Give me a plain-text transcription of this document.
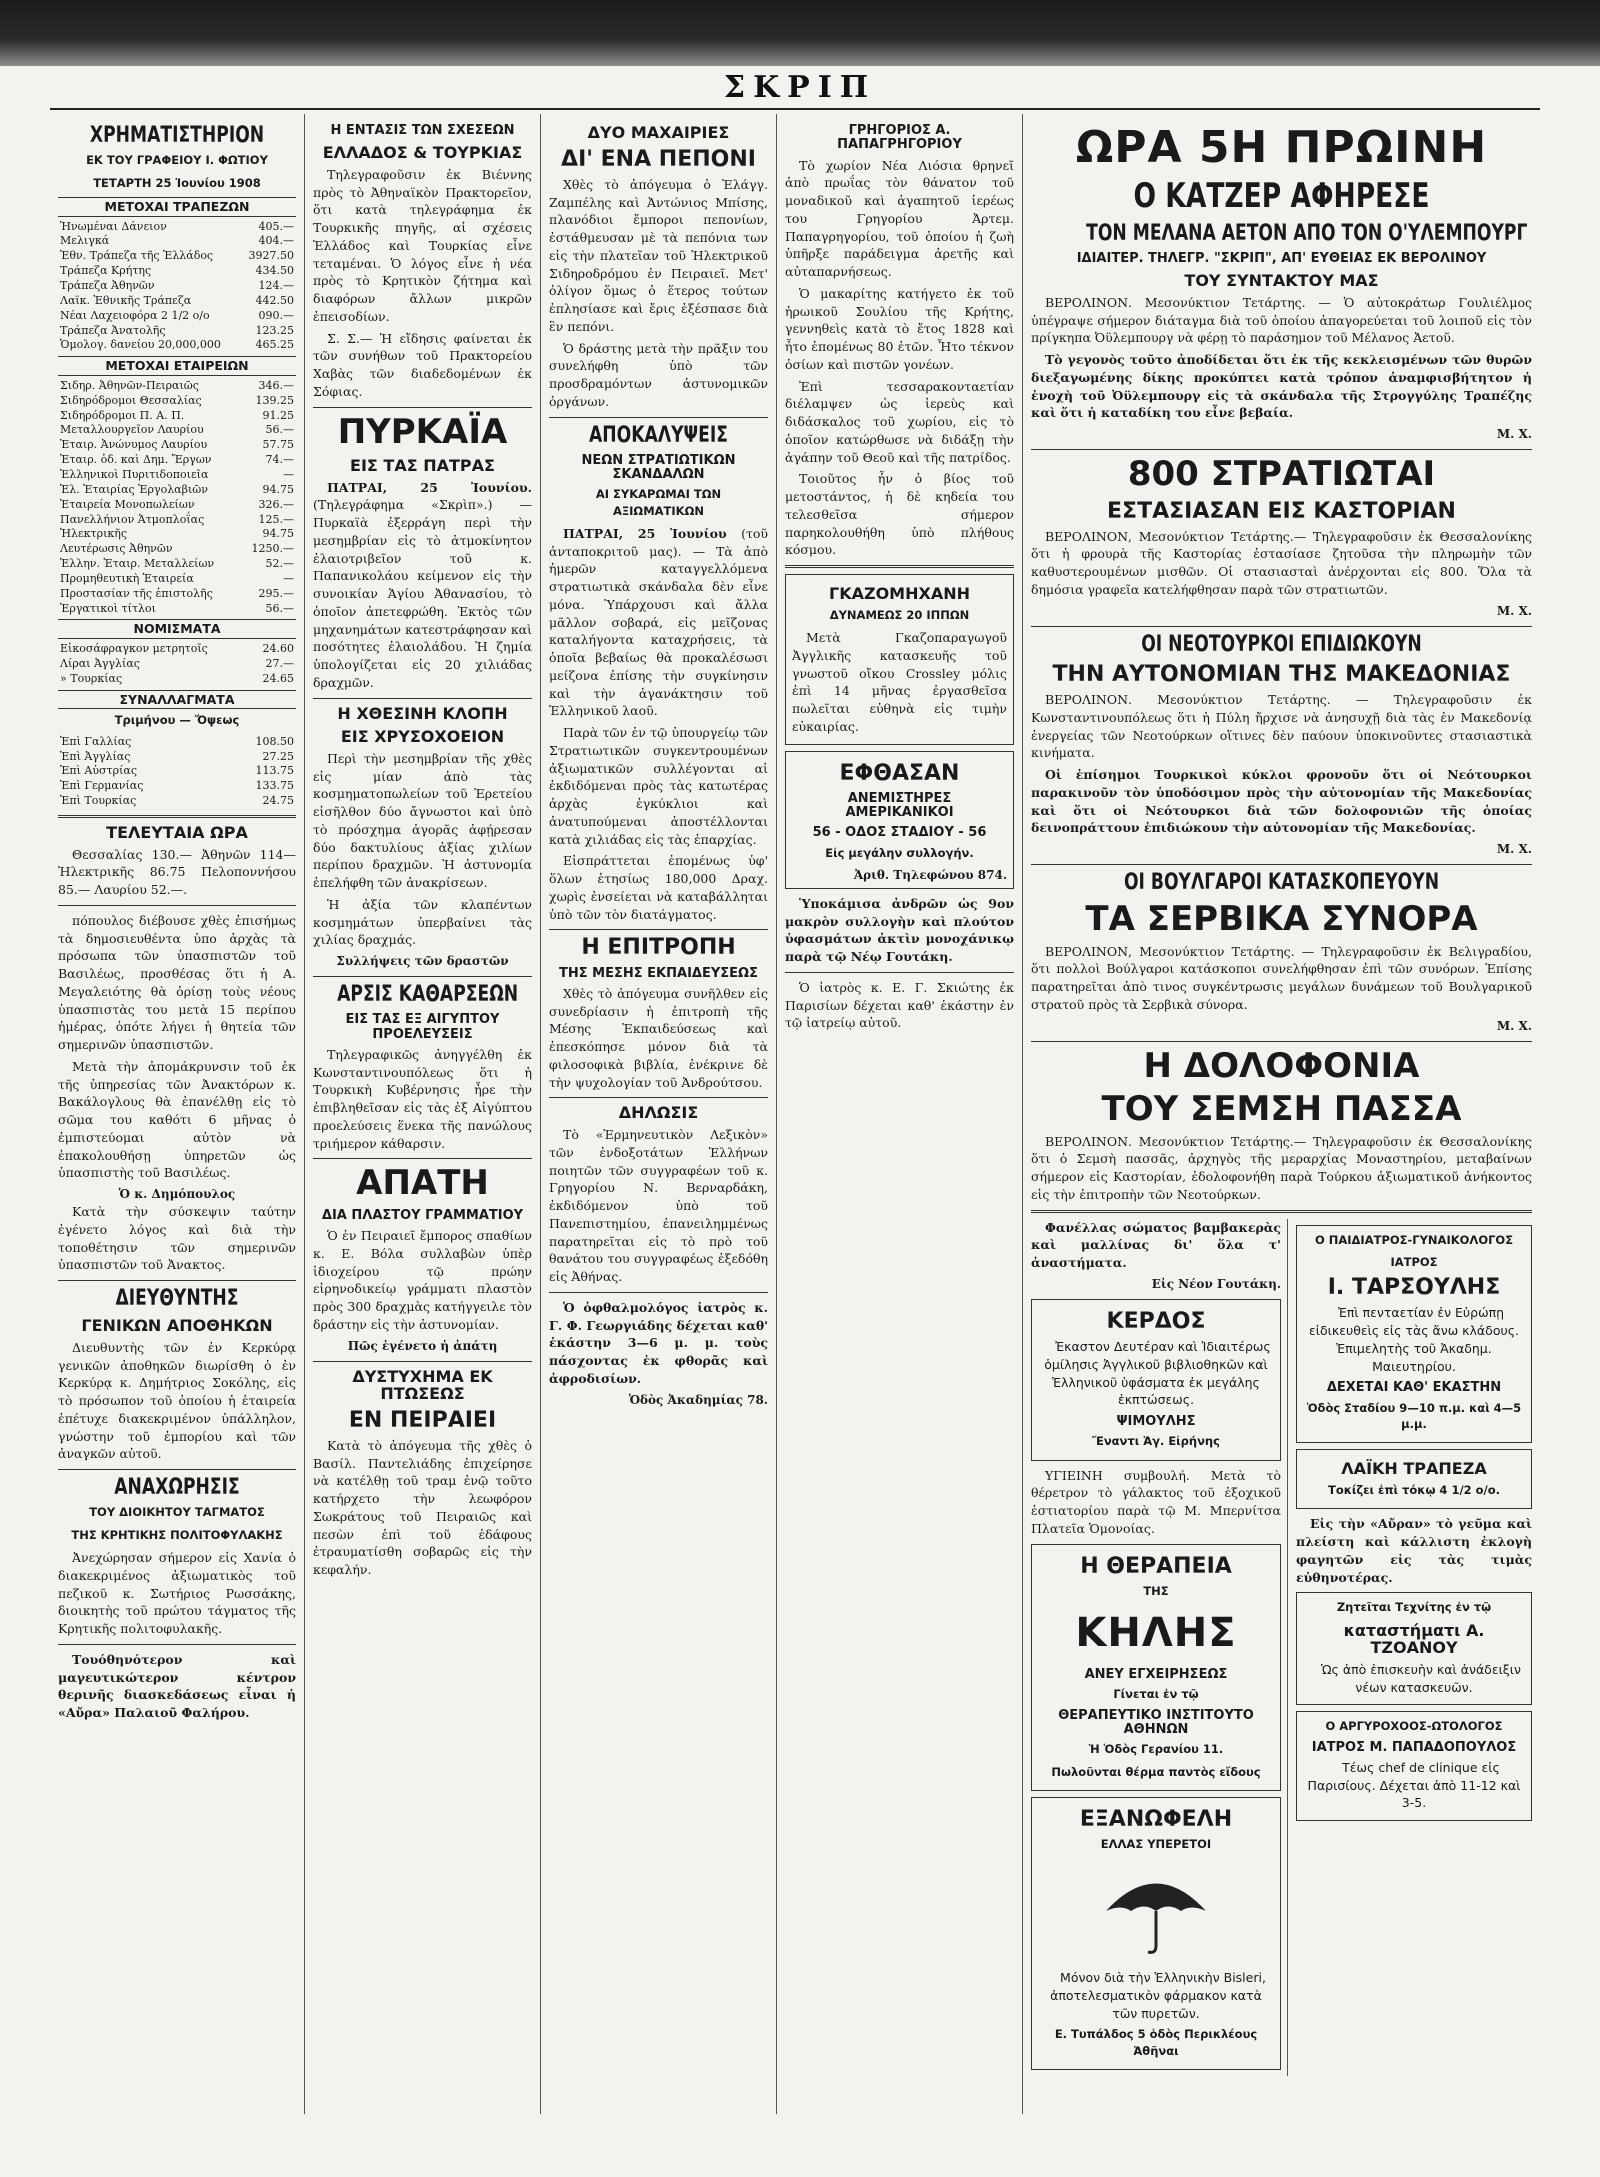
ΣΚΡΙΠ
ΧΡΗΜΑΤΙΣΤΗΡΙΟΝ
ΕΚ ΤΟΥ ΓΡΑΦΕΙΟΥ Ι. ΦΩΤΙΟΥ
ΤΕΤΑΡΤΗ 25 Ἰουνίου 1908
ΜΕΤΟΧΑΙ ΤΡΑΠΕΖΩΝ
Ἠνωμέναι Δάνειον	405.—
Μελιγκά	404.—
Ἐθν. Τράπεζα τῆς Ἑλλάδος	3927.50
Τράπεζα Κρήτης	434.50
Τράπεζα Ἀθηνῶν	124.—
Λαϊκ. Ἐθνικῆς Τράπεζα	442.50
Νέαι Λαχειοφόρα 2 1/2 ο/ο	090.—
Τράπεζα Ἀνατολῆς	123.25
Ὁμολογ. δανείου 20,000,000	465.25
ΜΕΤΟΧΑΙ ΕΤΑΙΡΕΙΩΝ
Σιδηρ. Ἀθηνῶν-Πειραιῶς	346.—
Σιδηρόδρομοι Θεσσαλίας	139.25
Σιδηρόδρομοι Π. Α. Π.	91.25
Μεταλλουργεῖον Λαυρίου	56.—
Ἐταιρ. Ἀνώνυμος Λαυρίου	57.75
Ἐταιρ. ὁδ. καὶ Δημ. Ἔργων	74.—
Ἑλληνικοὶ Πυριτιδοποιεῖα	—
Ἑλ. Ἑταιρίας Ἐργολαβιῶν	94.75
Ἑταιρεία Μονοπωλείων	326.—
Πανελλήνιον Ἀτμοπλοΐας	125.—
Ἠλεκτρικῆς	94.75
Λευτέρωσις Ἀθηνῶν	1250.—
Ἑλλην. Ἑταιρ. Μεταλλείων	52.—
Προμηθευτικὴ Ἑταιρεία	—
Προστασίαν τῆς ἐπιστολῆς	295.—
Ἐργατικοὶ τίτλοι	56.—
ΝΟΜΙΣΜΑΤΑ
Εἰκοσάφραγκον μετρητοῖς	24.60
Λίραι Ἀγγλίας	27.—
» Τουρκίας	24.65
ΣΥΝΑΛΛΑΓΜΑΤΑ
Τριμήνου — Ὄψεως
Ἐπὶ Γαλλίας	108.50
Ἐπὶ Ἀγγλίας	27.25
Ἐπὶ Αὐστρίας	113.75
Ἐπὶ Γερμανίας	133.75
Ἐπὶ Τουρκίας	24.75
ΤΕΛΕΥΤΑΙΑ ΩΡΑ

Θεσσαλίας 130.— Ἀθηνῶν 114— Ἠλεκτρικῆς 86.75 Πελοποννήσου 85.— Λαυρίου 52.—.

πόπουλος διέβουσε χθὲς ἐπισήμως τὰ δημοσιευθέντα ὑπο ἀρχὰς τὰ πρόσωπα τῶν ὑπασπιστῶν τοῦ Βασιλέως, προσθέσας ὅτι ἡ Α. Μεγαλειότης θὰ ὁρίσῃ τοὺς νέους ὑπασπιστὰς του μετὰ 15 περίπου ἡμέρας, ὁπότε λήγει ἡ θητεία τῶν σημερινῶν ὑπασπιστῶν.

Μετὰ τὴν ἀπομάκρυνσιν τοῦ ἐκ τῆς ὑπηρεσίας τῶν Ἀνακτόρων κ. Βακάλογλους θὰ ἐπανέλθῃ εἰς τὸ σῶμα του καθότι 6 μῆνας ὁ ἐμπιστεύομαι αὐτὸν νὰ ἐπακολουθήσῃ ὑπηρετῶν ὡς ὑπασπιστὴς τοῦ Βασιλέως.

Ὁ κ. Δημόπουλος

Κατὰ τὴν σύσκεψιν ταύτην ἐγένετο λόγος καὶ διὰ τὴν τοποθέτησιν τῶν σημερινῶν ὑπασπιστῶν τοῦ Ἀνακτος.

ΔΙΕΥΘΥΝΤΗΣ
ΓΕΝΙΚΩΝ ΑΠΟΘΗΚΩΝ

Διευθυντὴς τῶν ἐν Κερκύρᾳ γενικῶν ἀποθηκῶν διωρίσθη ὁ ἐν Κερκύρᾳ κ. Δημήτριος Σοκόλης, εἰς τὸ πρόσωπον τοῦ ὁποίου ἡ ἑταιρεία ἐπέτυχε διακεκριμένον ὑπάλληλον, γνώστην τοῦ ἐμπορίου καὶ τῶν ἀναγκῶν αὐτοῦ.

ΑΝΑΧΩΡΗΣΙΣ
ΤΟΥ ΔΙΟΙΚΗΤΟΥ ΤΑΓΜΑΤΟΣ
ΤΗΣ ΚΡΗΤΙΚΗΣ ΠΟΛΙΤΟΦΥΛΑΚΗΣ

Ἀνεχώρησαν σήμερον εἰς Χανία ὁ διακεκριμένος ἀξιωματικὸς τοῦ πεζικοῦ κ. Σωτήριος Ρωσσάκης, διοικητὴς τοῦ πρώτου τάγματος τῆς Κρητικῆς πολιτοφυλακῆς.

Τουόθηνότερον καὶ μαγευτικώτερον κέντρον θερινῆς διασκεδάσεως εἶναι ἡ «Αὔρα» Παλαιοῦ Φαλήρου.

Η ΕΝΤΑΣΙΣ ΤΩΝ ΣΧΕΣΕΩΝ
ΕΛΛΑΔΟΣ & ΤΟΥΡΚΙΑΣ

Τηλεγραφοῦσιν ἐκ Βιέννης πρὸς τὸ Ἀθηναϊκὸν Πρακτορεῖον, ὅτι κατὰ τηλεγράφημα ἐκ Τουρκικῆς πηγῆς, αἱ σχέσεις Ἑλλάδος καὶ Τουρκίας εἶνε τεταμέναι. Ὁ λόγος εἶνε ἡ νέα πρὸς τὸ Κρητικὸν ζήτημα καὶ διαφόρων ἄλλων μικρῶν ἐπεισοδίων.

Σ. Σ.— Ἡ εἴδησις φαίνεται ἐκ τῶν συνήθων τοῦ Πρακτορείου Χαβὰς τῶν διαδεδομένων ἐκ Σόφιας.

ΠΥΡΚΑΪΑ
ΕΙΣ ΤΑΣ ΠΑΤΡΑΣ

ΠΑΤΡΑΙ, 25 Ἰουνίου. (Τηλεγράφημα «Σκρὶπ».) — Πυρκαϊὰ ἐξερράγη περὶ τὴν μεσημβρίαν εἰς τὸ ἀτμοκίνητον ἐλαιοτριβεῖον τοῦ κ. Παπανικολάου κείμενον εἰς τὴν συνοικίαν Ἁγίου Ἀθανασίου, τὸ ὁποῖον ἀπετεφρώθη. Ἐκτὸς τῶν μηχανημάτων κατεστράφησαν καὶ ποσότητες ἐλαιολάδου. Ἡ ζημία ὑπολογίζεται εἰς 20 χιλιάδας δραχμῶν.

Η ΧΘΕΣΙΝΗ ΚΛΟΠΗ
ΕΙΣ ΧΡΥΣΟΧΟΕΙΟΝ

Περὶ τὴν μεσημβρίαν τῆς χθὲς εἰς μίαν ἀπὸ τὰς κοσμηματοπωλείων τοῦ Ἐρετείου εἰσῆλθον δύο ἄγνωστοι καὶ ὑπὸ τὸ πρόσχημα ἀγορᾶς ἀφῄρεσαν δύο δακτυλίους ἀξίας χιλίων περίπου δραχμῶν. Ἡ ἀστυνομία ἐπελήφθη τῶν ἀνακρίσεων.

Ἡ ἀξία τῶν κλαπέντων κοσμημάτων ὑπερβαίνει τὰς χιλίας δραχμάς.

Συλλήψεις τῶν δραστῶν
ΑΡΣΙΣ ΚΑΘΑΡΣΕΩΝ
ΕΙΣ ΤΑΣ ΕΞ ΑΙΓΥΠΤΟΥ ΠΡΟΕΛΕΥΣΕΙΣ

Τηλεγραφικῶς ἀνηγγέλθη ἐκ Κωνσταντινουπόλεως ὅτι ἡ Τουρκικὴ Κυβέρνησις ἦρε τὴν ἐπιβληθεῖσαν εἰς τὰς ἐξ Αἰγύπτου προελεύσεις ἕνεκα τῆς πανώλους τριήμερον κάθαρσιν.

ΑΠΑΤΗ
ΔΙΑ ΠΛΑΣΤΟΥ ΓΡΑΜΜΑΤΙΟΥ

Ὁ ἐν Πειραιεῖ ἔμπορος σπαθίων κ. Ε. Βόλα συλλαβὼν ὑπὲρ ἰδιοχείρου τῷ πρώην εἰρηνοδικείῳ γράμματι πλαστὸν πρὸς 300 δραχμὰς κατήγγειλε τὸν δράστην εἰς τὴν ἀστυνομίαν.

Πῶς ἐγένετο ἡ ἀπάτη
ΔΥΣΤΥΧΗΜΑ ΕΚ ΠΤΩΣΕΩΣ
ΕΝ ΠΕΙΡΑΙΕΙ

Κατὰ τὸ ἀπόγευμα τῆς χθὲς ὁ Βασίλ. Παντελιάδης ἐπιχείρησε νὰ κατέλθῃ τοῦ τραμ ἐνῷ τοῦτο κατήρχετο τὴν λεωφόρον Σωκράτους τοῦ Πειραιῶς καὶ πεσὼν ἐπὶ τοῦ ἐδάφους ἐτραυματίσθη σοβαρῶς εἰς τὴν κεφαλήν.

ΔΥΟ ΜΑΧΑΙΡΙΕΣ
ΔΙ' ΕΝΑ ΠΕΠΟΝΙ

Χθὲς τὸ ἀπόγευμα ὁ Ἐλάγγ. Ζαμπέλης καὶ Ἀντώνιος Μπίσης, πλανόδιοι ἔμποροι πεπονίων, ἐστάθμευσαν μὲ τὰ πεπόνια των εἰς τὴν πλατεῖαν τοῦ Ἠλεκτρικοῦ Σιδηροδρόμου ἐν Πειραιεῖ. Μετ' ὀλίγον ὅμως ὁ ἕτερος τούτων ἐπλησίασε καὶ ἔρις ἐξέσπασε διὰ ἓν πεπόνι.

Ὁ δράστης μετὰ τὴν πρᾶξιν του συνελήφθη ὑπὸ τῶν προσδραμόντων ἀστυνομικῶν ὀργάνων.

ΑΠΟΚΑΛΥΨΕΙΣ
ΝΕΩΝ ΣΤΡΑΤΙΩΤΙΚΩΝ ΣΚΑΝΔΑΛΩΝ
ΑΙ ΣΥΚΑΡΩΜΑΙ ΤΩΝ ΑΞΙΩΜΑΤΙΚΩΝ

ΠΑΤΡΑΙ, 25 Ἰουνίου (τοῦ ἀνταποκριτοῦ μας). — Τὰ ἀπὸ ἡμερῶν καταγγελλόμενα στρατιωτικὰ σκάνδαλα δὲν εἶνε μόνα. Ὑπάρχουσι καὶ ἄλλα μᾶλλον σοβαρά, εἰς μεῖζονας καταλήγοντα καταχρήσεις, τὰ ὁποῖα βεβαίως θὰ προκαλέσωσι μείζονα ἐπίσης τὴν συγκίνησιν καὶ τὴν ἀγανάκτησιν τοῦ Ἑλληνικοῦ λαοῦ.

Παρὰ τῶν ἐν τῷ ὑπουργείῳ τῶν Στρατιωτικῶν συγκεντρουμένων ἀξιωματικῶν συλλέγονται αἱ ἐκδιδόμεναι πρὸς τὰς κατωτέρας ἀρχὰς ἐγκύκλιοι καὶ ἀνατυπούμεναι ἀποστέλλονται κατὰ χιλιάδας εἰς τὰς ἐπαρχίας.

Εἰσπράττεται ἐπομένως ὑφ' ὅλων ἐτησίως 180,000 Δραχ. χωρὶς ἐνσείεται νὰ καταβάλληται ὑπὸ τῶν τὸν διατάγματος.

Η ΕΠΙΤΡΟΠΗ
ΤΗΣ ΜΕΣΗΣ ΕΚΠΑΙΔΕΥΣΕΩΣ

Χθὲς τὸ ἀπόγευμα συνῆλθεν εἰς συνεδρίασιν ἡ ἐπιτροπὴ τῆς Μέσης Ἐκπαιδεύσεως καὶ ἐπεσκόπησε μόνον διὰ τὰ φιλοσοφικὰ βιβλία, ἐνέκρινε δὲ τὴν ψυχολογίαν τοῦ Ἀνδρούτσου.

ΔΗΛΩΣΙΣ

Τὸ «Ἑρμηνευτικὸν Λεξικὸν» τῶν ἐνδοξοτάτων Ἑλλήνων ποιητῶν τῶν συγγραφέων τοῦ κ. Γρηγορίου Ν. Βερναρδάκη, ἐκδιδόμενον ὑπὸ τοῦ Πανεπιστημίου, ἐπανειλημμένως παρατηρεῖται εἰς τὸ πρὸ τοῦ θανάτου του συγγραφέως ἐξεδόθη εἰς Ἀθήνας.

Ὁ ὀφθαλμολόγος ἰατρὸς κ. Γ. Φ. Γεωργιάδης δέχεται καθ' ἑκάστην 3—6 μ. μ. τοὺς πάσχοντας ἐκ φθορᾶς καὶ ἀφροδισίων.

Ὁδὸς Ἀκαδημίας 78.
ΓΡΗΓΟΡΙΟΣ Α. ΠΑΠΑΓΡΗΓΟΡΙΟΥ

Τὸ χωρίον Νέα Λιόσια θρηνεῖ ἀπὸ πρωΐας τὸν θάνατον τοῦ μοναδικοῦ καὶ ἀγαπητοῦ ἱερέως του Γρηγορίου Ἀρτεμ. Παπαγρηγορίου, τοῦ ὁποίου ἡ ζωὴ ὑπῆρξε παράδειγμα ἀρετῆς καὶ αὐταπαρνήσεως.

Ὁ μακαρίτης κατήγετο ἐκ τοῦ ἡρωικοῦ Σουλίου τῆς Κρήτης, γεννηθεὶς κατὰ τὸ ἔτος 1828 καὶ ἦτο ἐπομένως 80 ἐτῶν. Ἦτο τέκνον ὀσίων καὶ πιστῶν γονέων.

Ἐπὶ τεσσαρακονταετίαν διέλαμψεν ὡς ἱερεὺς καὶ διδάσκαλος τοῦ χωρίου, εἰς τὸ ὁποῖον κατώρθωσε νὰ διδάξῃ τὴν ἀγάπην τοῦ Θεοῦ καὶ τῆς πατρίδος.

Τοιοῦτος ἦν ὁ βίος τοῦ μετοστάντος, ἡ δὲ κηδεία του τελεσθεῖσα σήμερον παρηκολουθήθη ὑπὸ πλήθους κόσμου.

ΓΚΑΖΟΜΗΧΑΝΗ
ΔΥΝΑΜΕΩΣ 20 ΙΠΠΩΝ

Μετὰ Γκαζοπαραγωγοῦ Ἀγγλικῆς κατασκευῆς τοῦ γνωστοῦ οἴκου Crossley μόλις ἐπὶ 14 μῆνας ἐργασθεῖσα πωλεῖται εὐθηνὰ εἰς τιμὴν εὐκαιρίας.

ΕΦΘΑΣΑΝ
ΑΝΕΜΙΣΤΗΡΕΣ ΑΜΕΡΙΚΑΝΙΚΟΙ
56 - ΟΔΟΣ ΣΤΑΔΙΟΥ - 56
Εἰς μεγάλην συλλογήν.
Ἀριθ. Τηλεφώνου 874.

Ὑποκάμισα ἀνδρῶν ὡς 9ον μακρὸν συλλογὴν καὶ πλούτον ὑφασμάτων ἀκτὶν μονοχάνικῳ παρὰ τῷ Νέῳ Γουτάκη.

Ὁ ἰατρὸς κ. Ε. Γ. Σκιώτης ἐκ Παρισίων δέχεται καθ' ἑκάστην ἐν τῷ ἰατρείῳ αὐτοῦ.

ΩΡΑ 5Η ΠΡΩΙΝΗ
Ο ΚΑΤΖΕΡ ΑΦΗΡΕΣΕ
ΤΟΝ ΜΕΛΑΝΑ ΑΕΤΟΝ ΑΠΟ ΤΟΝ Ο'ΥΛΕΜΠΟΥΡΓ
ΙΔΙΑΙΤΕΡ. ΤΗΛΕΓΡ. "ΣΚΡΙΠ", ΑΠ' ΕΥΘΕΙΑΣ ΕΚ ΒΕΡΟΛΙΝΟΥ
ΤΟΥ ΣΥΝΤΑΚΤΟΥ ΜΑΣ

ΒΕΡΟΛΙΝΟΝ. Μεσονύκτιον Τετάρτης. — Ὁ αὐτοκράτωρ Γουλιέλμος ὑπέγραψε σήμερον διάταγμα διὰ τοῦ ὁποίου ἀπαγορεύεται τοῦ λοιποῦ εἰς τὸν πρίγκηπα Ὀϋλεμπουργ νὰ φέρῃ τὸ παράσημον τοῦ Μέλανος Ἀετοῦ.

Τὸ γεγονὸς τοῦτο ἀποδίδεται ὅτι ἐκ τῆς κεκλεισμένων τῶν θυρῶν διεξαγωμένης δίκης προκύπτει κατὰ τρόπον ἀναμφισβήτητον ἡ ἐνοχὴ τοῦ Ὀϋλεμπουργ εἰς τὰ σκάνδαλα τῆς Στρογγύλης Τραπέζης καὶ ὅτι ἡ καταδίκη του εἶνε βεβαία.

Μ. Χ.
800 ΣΤΡΑΤΙΩΤΑΙ
ΕΣΤΑΣΙΑΣΑΝ ΕΙΣ ΚΑΣΤΟΡΙΑΝ

ΒΕΡΟΛΙΝΟΝ, Μεσονύκτιον Τετάρτης.— Τηλεγραφοῦσιν ἐκ Θεσσαλονίκης ὅτι ἡ φρουρὰ τῆς Καστορίας ἐστασίασε ζητοῦσα τὴν πληρωμὴν τῶν καθυστερουμένων μισθῶν. Οἱ στασιασταὶ ἀνέρχονται εἰς 800. Ὅλα τὰ δημόσια γραφεῖα κατελήφθησαν παρὰ τῶν στρατιωτῶν.

Μ. Χ.
ΟΙ ΝΕΟΤΟΥΡΚΟΙ ΕΠΙΔΙΩΚΟΥΝ
ΤΗΝ ΑΥΤΟΝΟΜΙΑΝ ΤΗΣ ΜΑΚΕΔΟΝΙΑΣ

ΒΕΡΟΛΙΝΟΝ. Μεσονύκτιον Τετάρτης. — Τηλεγραφοῦσιν ἐκ Κωνσταντινουπόλεως ὅτι ἡ Πύλη ἤρχισε νὰ ἀνησυχῇ διὰ τὰς ἐν Μακεδονίᾳ ἐνεργείας τῶν Νεοτούρκων οἵτινες δὲν παύουν ὑποκινοῦντες στασιαστικὰ κινήματα.

Οἱ ἐπίσημοι Τουρκικοὶ κύκλοι φρονοῦν ὅτι οἱ Νεότουρκοι παρακινοῦν τὸν ὑποδόσιμον πρὸς τὴν αὐτονομίαν τῆς Μακεδονίας καὶ ὅτι οἱ Νεότουρκοι διὰ τῶν δολοφονιῶν τῆς ὁποίας δεινοπράττουν ἐπιδιώκουν τὴν αὐτονομίαν τῆς Μακεδονίας.

Μ. Χ.
ΟΙ ΒΟΥΛΓΑΡΟΙ ΚΑΤΑΣΚΟΠΕΥΟΥΝ
ΤΑ ΣΕΡΒΙΚΑ ΣΥΝΟΡΑ

ΒΕΡΟΛΙΝΟΝ, Μεσονύκτιον Τετάρτης. — Τηλεγραφοῦσιν ἐκ Βελιγραδίου, ὅτι πολλοὶ Βούλγαροι κατάσκοποι συνελήφθησαν ἐπὶ τῶν συνόρων. Ἐπίσης παρατηρεῖται ἀπὸ τινος συγκέντρωσις μεγάλων δυνάμεων τοῦ Βουλγαρικοῦ στρατοῦ πρὸς τὰ Σερβικὰ σύνορα.

Μ. Χ.
Η ΔΟΛΟΦΟΝΙΑ
ΤΟΥ ΣΕΜΣΗ ΠΑΣΣΑ

ΒΕΡΟΛΙΝΟΝ. Μεσονύκτιον Τετάρτης.— Τηλεγραφοῦσιν ἐκ Θεσσαλονίκης ὅτι ὁ Σεμσὴ πασσᾶς, ἀρχηγὸς τῆς μεραρχίας Μοναστηρίου, μεταβαίνων σήμερον εἰς Καστορίαν, ἐδολοφονήθη παρὰ Τούρκου ἀξιωματικοῦ ἀνήκοντος εἰς τὴν ἐπιτροπὴν τῶν Νεοτούρκων.

Φανέλλας σώματος βαμβακερὰς καὶ μαλλίνας δι' ὅλα τ' ἀναστήματα.

Εἰς Νέον Γουτάκη.
ΚΕΡΔΟΣ

Ἐκαστον Δευτέραν καὶ Ἰδιαιτέρως ὁμίλησις Ἀγγλικοῦ βιβλιοθηκῶν καὶ Ἑλληνικοῦ ὑφάσματα ἐκ μεγάλης ἐκπτώσεως.

ΨΙΜΟΥΛΗΣ
Ἔναντι Ἁγ. Εἰρήνης

ΥΓΙΕΙΝΗ συμβουλή. Μετὰ τὸ θέρετρον τὸ γάλακτος τοῦ ἐξοχικοῦ ἐστιατορίου παρὰ τῷ Μ. Μπερνίτσα Πλατεῖα Ὁμονοίας.

Η ΘΕΡΑΠΕΙΑ
ΤΗΣ
ΚΗΛΗΣ
ΑΝΕΥ ΕΓΧΕΙΡΗΣΕΩΣ
Γίνεται ἐν τῷ
ΘΕΡΑΠΕΥΤΙΚΟ ΙΝΣΤΙΤΟΥΤΟ ΑΘΗΝΩΝ
Ἡ Ὁδὸς Γερανίου 11.
Πωλοῦνται θέρμα παντὸς εἴδους
ΕΞΑΝΩΦΕΛΗ
ΕΛΛΑΣ ΥΠΕΡΕΤΟΙ

Μόνον διὰ τὴν Ἑλληνικὴν Bisleri, ἀποτελεσματικὸν φάρμακον κατὰ τῶν πυρετῶν.

Ε. Τυπάλδος 5 ὁδὸς Περικλέους Ἀθῆναι
Ο ΠΑΙΔΙΑΤΡΟΣ-ΓΥΝΑΙΚΟΛΟΓΟΣ
ΙΑΤΡΟΣ
Ι. ΤΑΡΣΟΥΛΗΣ

Ἐπὶ πενταετίαν ἐν Εὐρώπῃ εἰδικευθεὶς εἰς τὰς ἄνω κλάδους. Ἐπιμελητὴς τοῦ Ἀκαδημ. Μαιευτηρίου.

ΔΕΧΕΤΑΙ ΚΑΘ' ΕΚΑΣΤΗΝ
Ὁδὸς Σταδίου 9—10 π.μ. καὶ 4—5 μ.μ.
ΛΑΪΚΗ ΤΡΑΠΕΖΑ
Τοκίζει ἐπὶ τόκῳ 4 1/2 ο/ο.

Εἰς τὴν «Αὔραν» τὸ γεῦμα καὶ πλείστη καὶ κάλλιστη ἐκλογὴ φαγητῶν εἰς τὰς τιμὰς εὐθηνοτέρας.

Ζητεῖται Τεχνίτης ἐν τῷ
καταστήματι Α. ΤΖΟΑΝΟΥ

Ὡς ἀπὸ ἐπισκευὴν καὶ ἀνάδειξιν νέων κατασκευῶν.

Ο ΑΡΓΥΡΟΧΟΟΣ-ΩΤΟΛΟΓΟΣ
ΙΑΤΡΟΣ Μ. ΠΑΠΑΔΟΠΟΥΛΟΣ

Τέως chef de clinique εἰς Παρισίους. Δέχεται ἀπὸ 11-12 καὶ 3-5.
